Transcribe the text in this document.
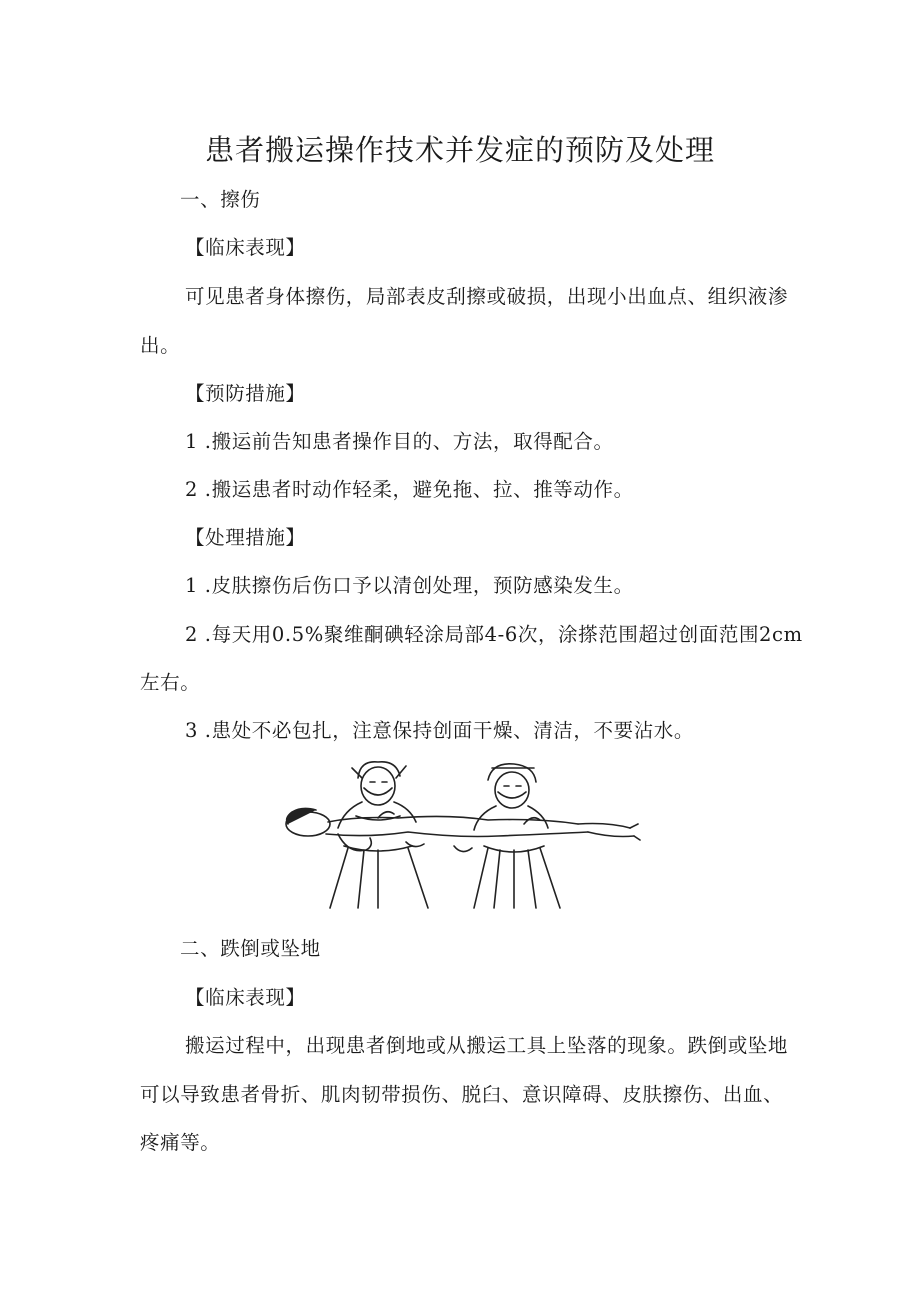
患者搬运操作技术并发症的预防及处理
一、擦伤
【临床表现】
可见患者身体擦伤，局部表皮刮擦或破损，出现小出血点、组织液渗
出。
【预防措施】
1 .搬运前告知患者操作目的、方法，取得配合。
2 .搬运患者时动作轻柔，避免拖、拉、推等动作。
【处理措施】
1 .皮肤擦伤后伤口予以清创处理，预防感染发生。
2 .每天用0.5%聚维酮碘轻涂局部4-6次，涂搽范围超过创面范围2cm
左右。
3 .患处不必包扎，注意保持创面干燥、清洁，不要沾水。
二、跌倒或坠地
【临床表现】
搬运过程中，出现患者倒地或从搬运工具上坠落的现象。跌倒或坠地
可以导致患者骨折、肌肉韧带损伤、脱臼、意识障碍、皮肤擦伤、出血、
疼痛等。
